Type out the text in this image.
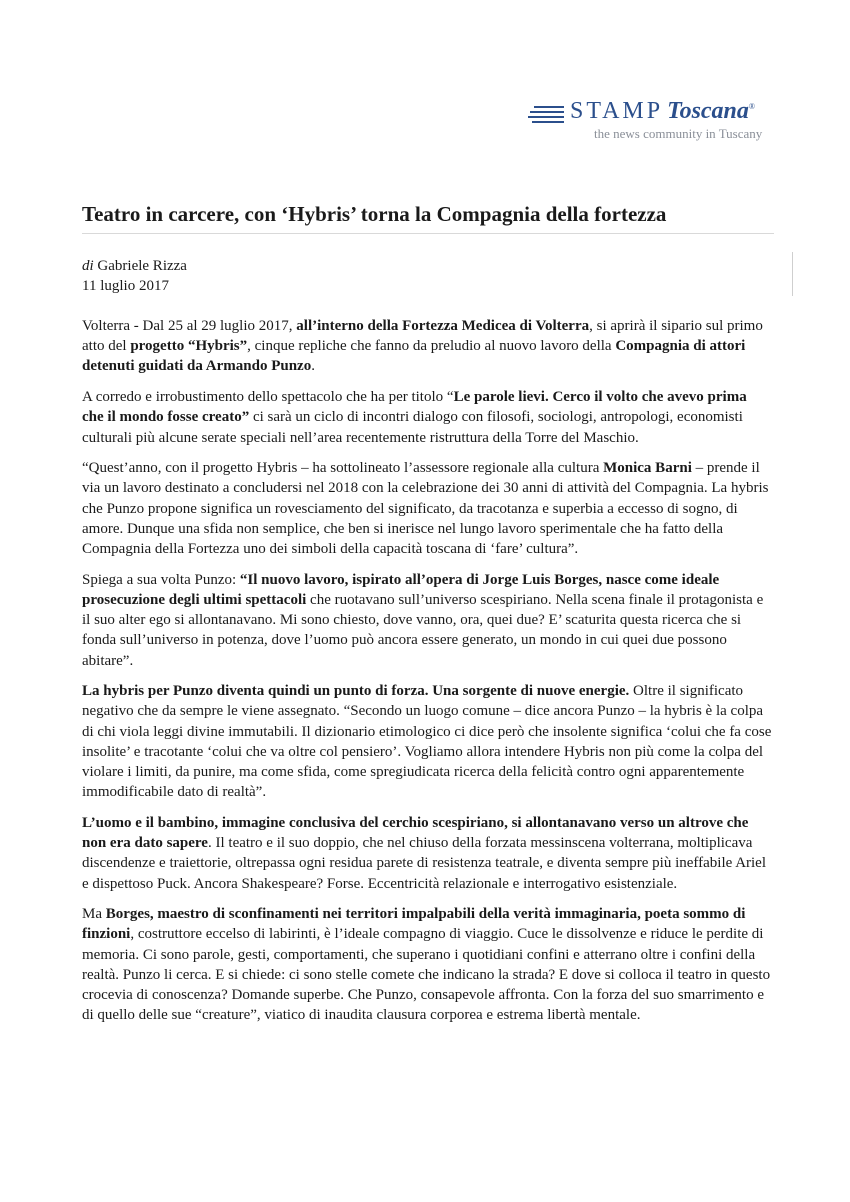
STAMP Toscana®
the news community in Tuscany
Teatro in carcere, con ‘Hybris’ torna la Compagnia della fortezza
di Gabriele Rizza
11 luglio 2017

Volterra - Dal 25 al 29 luglio 2017, all’interno della Fortezza Medicea di Volterra, si aprirà il sipario sul primo atto del progetto “Hybris”, cinque repliche che fanno da preludio al nuovo lavoro della Compagnia di attori detenuti guidati da Armando Punzo.

A corredo e irrobustimento dello spettacolo che ha per titolo “Le parole lievi. Cerco il volto che avevo prima che il mondo fosse creato” ci sarà un ciclo di incontri dialogo con filosofi, sociologi, antropologi, economisti culturali più alcune serate speciali nell’area recentemente ristruttura della Torre del Maschio.

“Quest’anno, con il progetto Hybris – ha sottolineato l’assessore regionale alla cultura Monica Barni – prende il via un lavoro destinato a concludersi nel 2018 con la celebrazione dei 30 anni di attività del Compagnia. La hybris che Punzo propone significa un rovesciamento del significato, da tracotanza e superbia a eccesso di sogno, di amore. Dunque una sfida non semplice, che ben si inerisce nel lungo lavoro sperimentale che ha fatto della Compagnia della Fortezza uno dei simboli della capacità toscana di ‘fare’ cultura”.

Spiega a sua volta Punzo: “Il nuovo lavoro, ispirato all’opera di Jorge Luis Borges, nasce come ideale prosecuzione degli ultimi spettacoli che ruotavano sull’universo scespiriano. Nella scena finale il protagonista e il suo alter ego si allontanavano. Mi sono chiesto, dove vanno, ora, quei due? E’ scaturita questa ricerca che si fonda sull’universo in potenza, dove l’uomo può ancora essere generato, un mondo in cui quei due possono abitare”.

La hybris per Punzo diventa quindi un punto di forza. Una sorgente di nuove energie. Oltre il significato negativo che da sempre le viene assegnato. “Secondo un luogo comune – dice ancora Punzo – la hybris è la colpa di chi viola leggi divine immutabili. Il dizionario etimologico ci dice però che insolente significa ‘colui che fa cose insolite’ e tracotante ‘colui che va oltre col pensiero’. Vogliamo allora intendere Hybris non più come la colpa del violare i limiti, da punire, ma come sfida, come spregiudicata ricerca della felicità contro ogni apparentemente immodificabile dato di realtà”.

L’uomo e il bambino, immagine conclusiva del cerchio scespiriano, si allontanavano verso un altrove che non era dato sapere. Il teatro e il suo doppio, che nel chiuso della forzata messinscena volterrana, moltiplicava discendenze e traiettorie, oltrepassa ogni residua parete di resistenza teatrale, e diventa sempre più ineffabile Ariel e dispettoso Puck. Ancora Shakespeare? Forse. Eccentricità relazionale e interrogativo esistenziale.

Ma Borges, maestro di sconfinamenti nei territori impalpabili della verità immaginaria, poeta sommo di finzioni, costruttore eccelso di labirinti, è l’ideale compagno di viaggio. Cuce le dissolvenze e riduce le perdite di memoria. Ci sono parole, gesti, comportamenti, che superano i quotidiani confini e atterrano oltre i confini della realtà. Punzo li cerca. E si chiede: ci sono stelle comete che indicano la strada? E dove si colloca il teatro in questo crocevia di conoscenza? Domande superbe. Che Punzo, consapevole affronta. Con la forza del suo smarrimento e di quello delle sue “creature”, viatico di inaudita clausura corporea e estrema libertà mentale.
